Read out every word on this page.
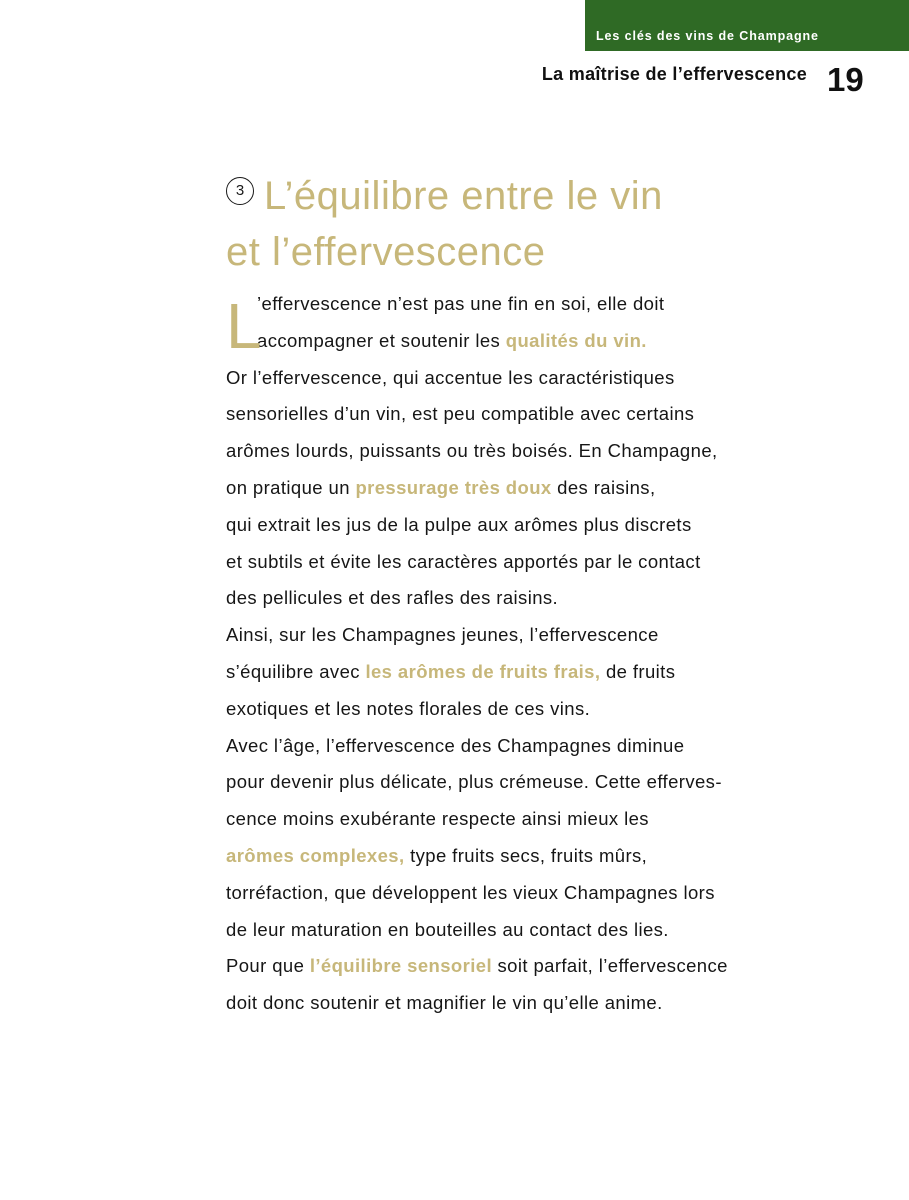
Les clés des vins de Champagne
La maîtrise de l’effervescence 19
3 L’équilibre entre le vin
et l’effervescence
L
’effervescence n’est pas une fin en soi, elle doit
accompagner et soutenir les qualités du vin.
Or l’effervescence, qui accentue les caractéristiques
sensorielles d’un vin, est peu compatible avec certains
arômes lourds, puissants ou très boisés. En Champagne,
on pratique un pressurage très doux des raisins,
qui extrait les jus de la pulpe aux arômes plus discrets
et subtils et évite les caractères apportés par le contact
des pellicules et des rafles des raisins.
Ainsi, sur les Champagnes jeunes, l’effervescence
s’équilibre avec les arômes de fruits frais, de fruits
exotiques et les notes florales de ces vins.
Avec l’âge, l’effervescence des Champagnes diminue
pour devenir plus délicate, plus crémeuse. Cette efferves-
cence moins exubérante respecte ainsi mieux les
arômes complexes, type fruits secs, fruits mûrs,
torréfaction, que développent les vieux Champagnes lors
de leur maturation en bouteilles au contact des lies.
Pour que l’équilibre sensoriel soit parfait, l’effervescence
doit donc soutenir et magnifier le vin qu’elle anime.
